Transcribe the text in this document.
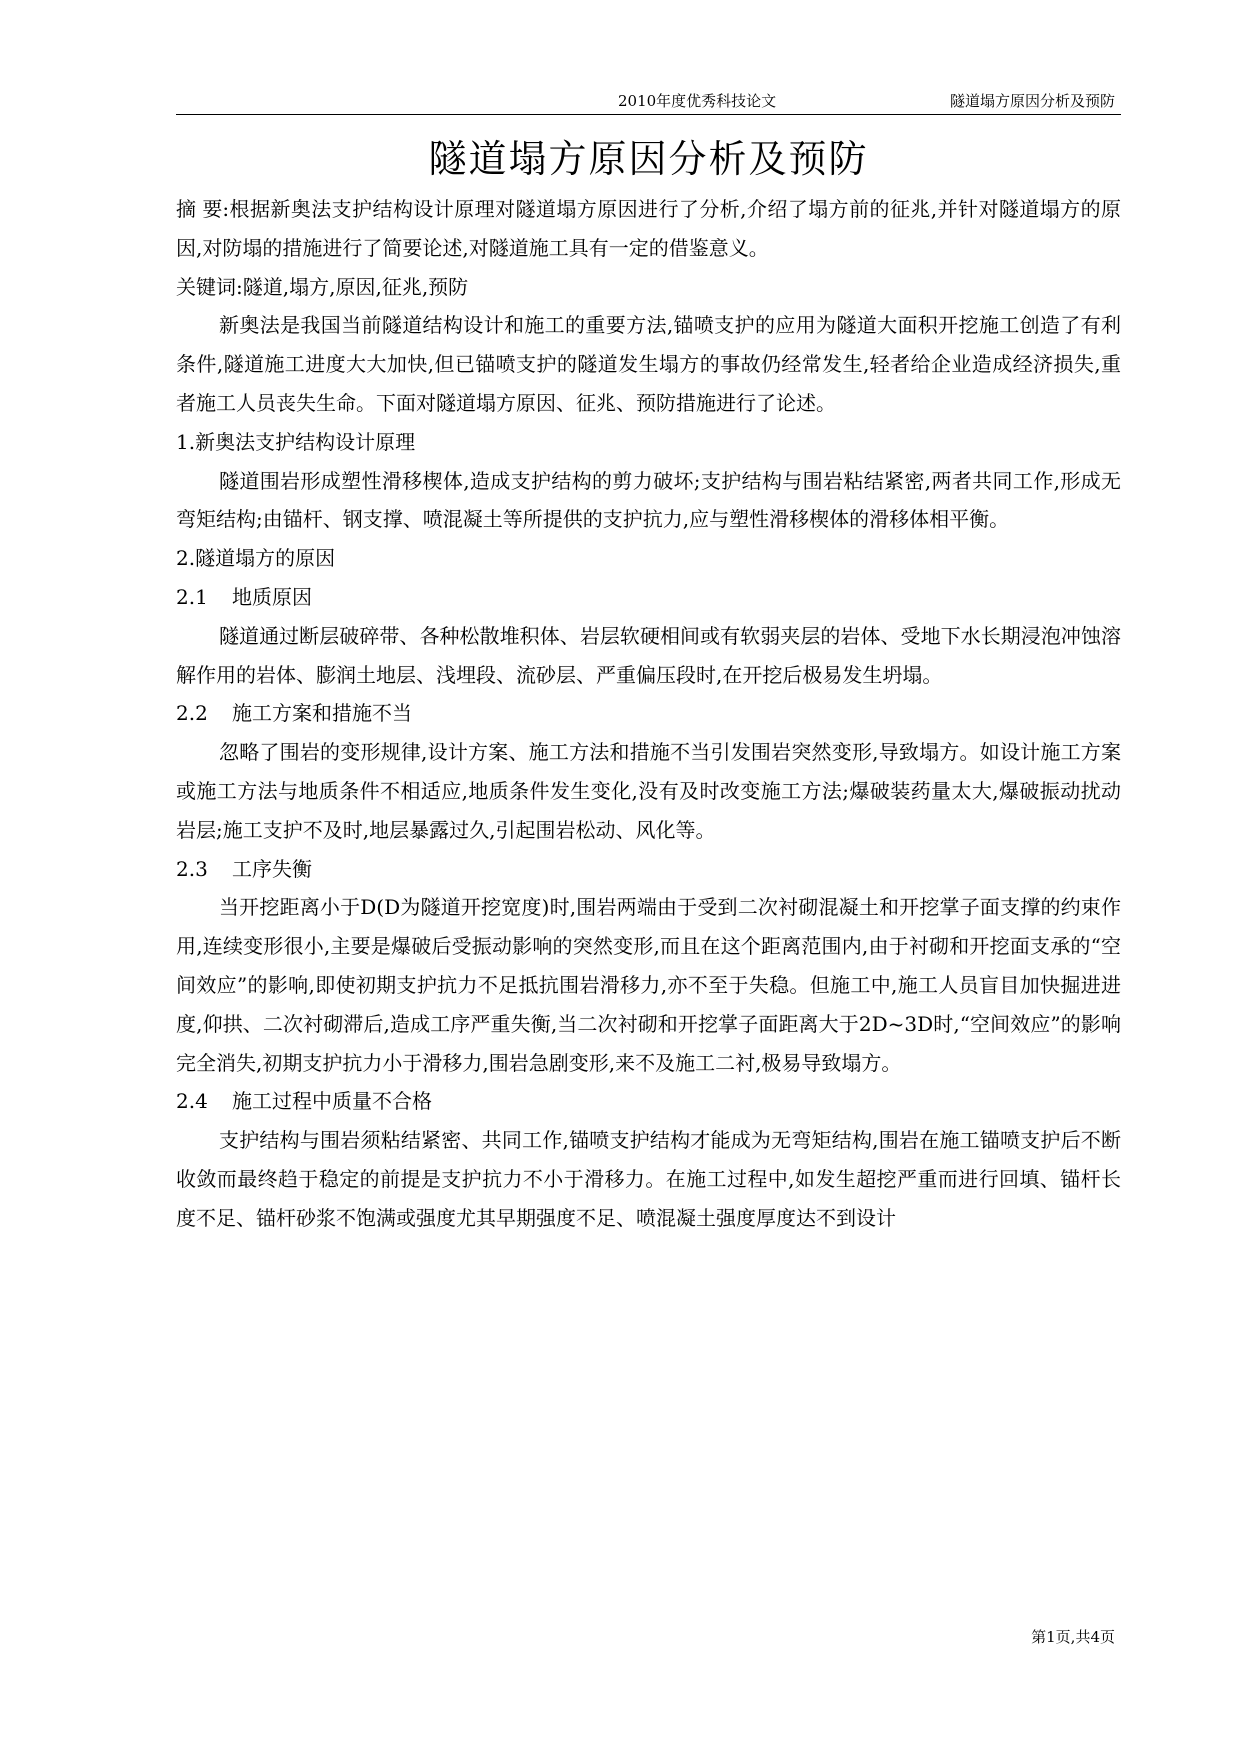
2010年度优秀科技论文	隧道塌方原因分析及预防
隧道塌方原因分析及预防

摘 要:根据新奥法支护结构设计原理对隧道塌方原因进行了分析,介绍了塌方前的征兆,并针对隧道塌方的原因,对防塌的措施进行了简要论述,对隧道施工具有一定的借鉴意义。

关键词:隧道,塌方,原因,征兆,预防

新奥法是我国当前隧道结构设计和施工的重要方法,锚喷支护的应用为隧道大面积开挖施工创造了有利条件,隧道施工进度大大加快,但已锚喷支护的隧道发生塌方的事故仍经常发生,轻者给企业造成经济损失,重者施工人员丧失生命。下面对隧道塌方原因、征兆、预防措施进行了论述。

1.新奥法支护结构设计原理

隧道围岩形成塑性滑移楔体,造成支护结构的剪力破坏;支护结构与围岩粘结紧密,两者共同工作,形成无弯矩结构;由锚杆、钢支撑、喷混凝土等所提供的支护抗力,应与塑性滑移楔体的滑移体相平衡。

2.隧道塌方的原因

2.1 地质原因

隧道通过断层破碎带、各种松散堆积体、岩层软硬相间或有软弱夹层的岩体、受地下水长期浸泡冲蚀溶解作用的岩体、膨润土地层、浅埋段、流砂层、严重偏压段时,在开挖后极易发生坍塌。

2.2 施工方案和措施不当

忽略了围岩的变形规律,设计方案、施工方法和措施不当引发围岩突然变形,导致塌方。如设计施工方案或施工方法与地质条件不相适应,地质条件发生变化,没有及时改变施工方法;爆破装药量太大,爆破振动扰动岩层;施工支护不及时,地层暴露过久,引起围岩松动、风化等。

2.3 工序失衡

当开挖距离小于D(D为隧道开挖宽度)时,围岩两端由于受到二次衬砌混凝土和开挖掌子面支撑的约束作用,连续变形很小,主要是爆破后受振动影响的突然变形,而且在这个距离范围内,由于衬砌和开挖面支承的“空间效应”的影响,即使初期支护抗力不足抵抗围岩滑移力,亦不至于失稳。但施工中,施工人员盲目加快掘进进度,仰拱、二次衬砌滞后,造成工序严重失衡,当二次衬砌和开挖掌子面距离大于2D~3D时,“空间效应”的影响完全消失,初期支护抗力小于滑移力,围岩急剧变形,来不及施工二衬,极易导致塌方。

2.4 施工过程中质量不合格

支护结构与围岩须粘结紧密、共同工作,锚喷支护结构才能成为无弯矩结构,围岩在施工锚喷支护后不断收敛而最终趋于稳定的前提是支护抗力不小于滑移力。在施工过程中,如发生超挖严重而进行回填、锚杆长度不足、锚杆砂浆不饱满或强度尤其早期强度不足、喷混凝土强度厚度达不到设计

第1页,共4页
